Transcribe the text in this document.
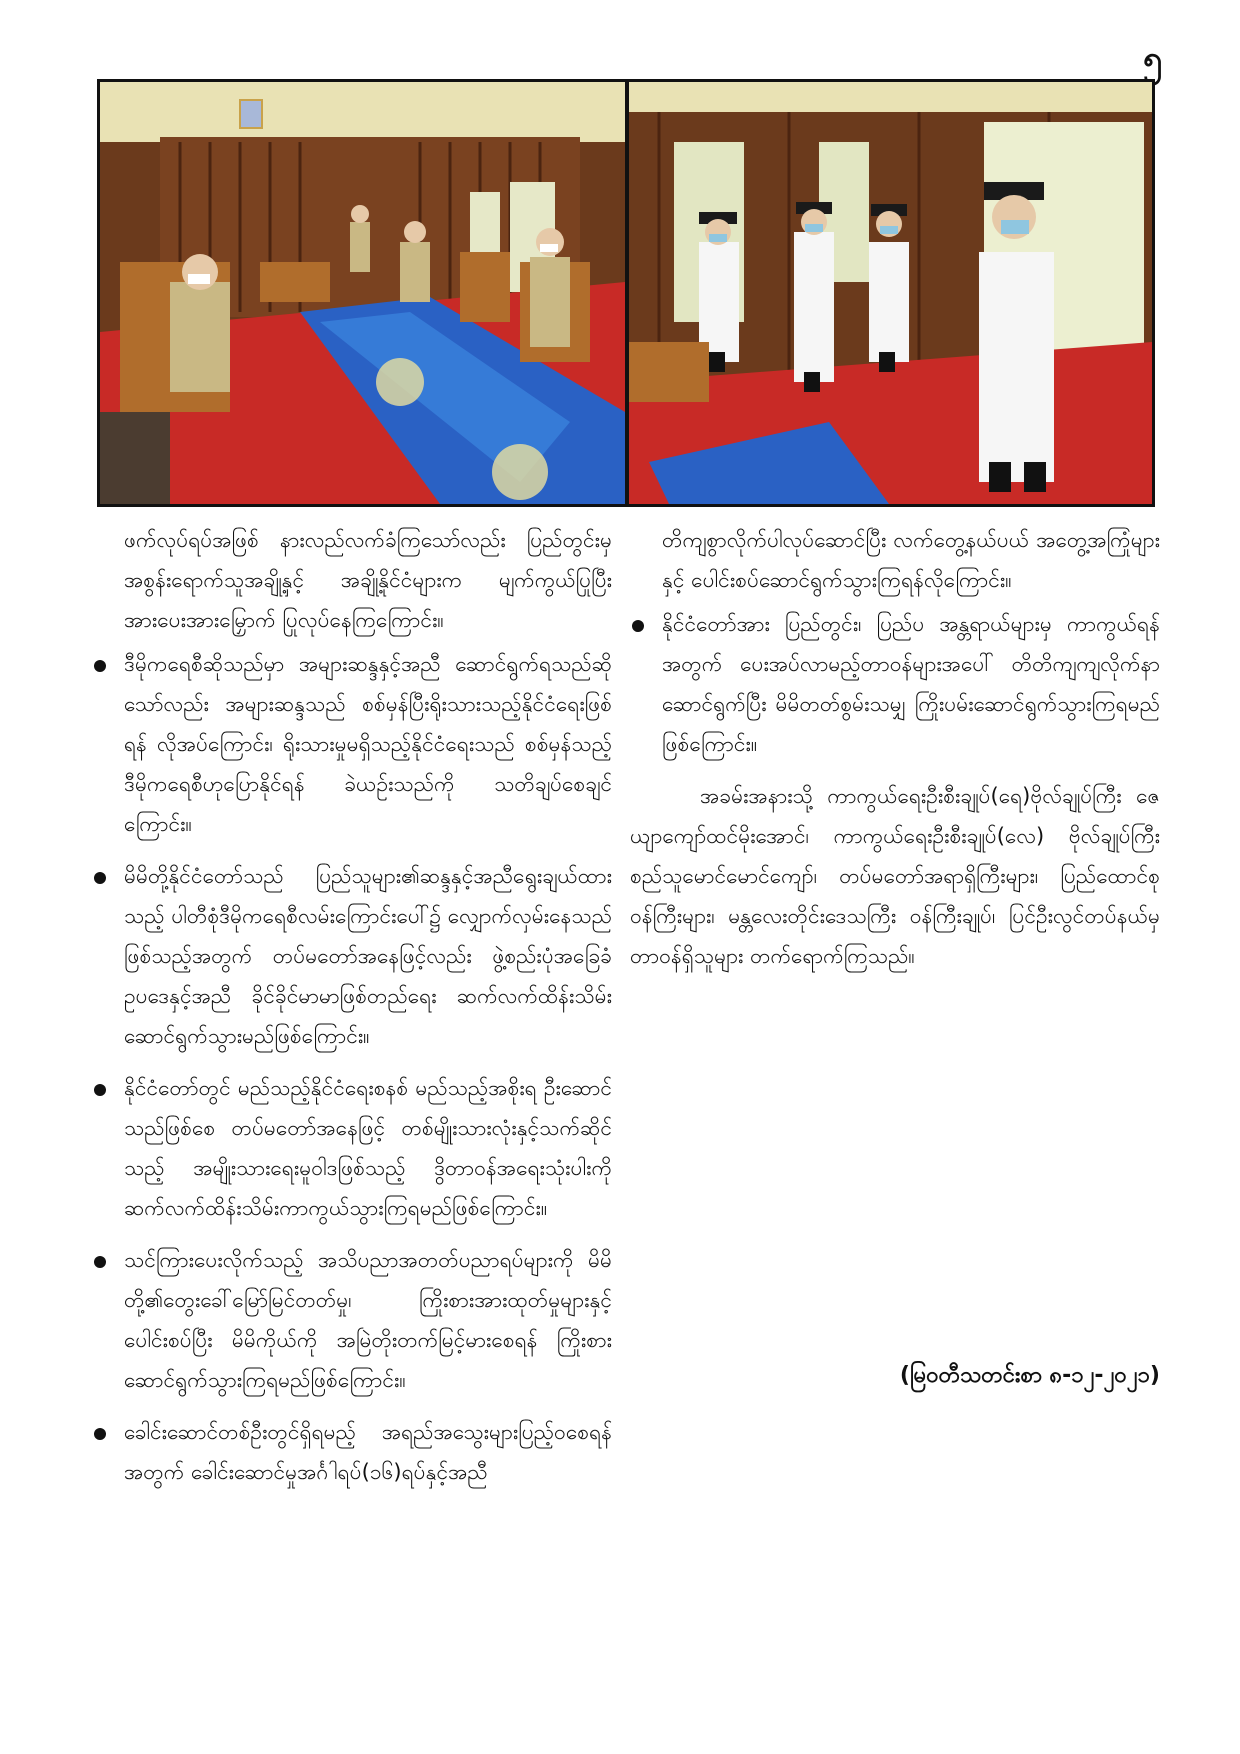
၅

ဖက်လုပ်ရပ်အဖြစ် နားလည်လက်ခံကြသော်လည်း ပြည်တွင်းမှအစွန်းရောက်သူအချို့နှင့် အချို့နိုင်ငံများက မျက်ကွယ်ပြုပြီး အားပေးအားမြှောက် ပြုလုပ်နေကြကြောင်း။

ဒီမိုကရေစီဆိုသည်မှာ အများဆန္ဒနှင့်အညီ ဆောင်ရွက်ရသည်ဆိုသော်လည်း အများဆန္ဒသည် စစ်မှန်ပြီးရိုးသားသည့်နိုင်ငံရေးဖြစ်ရန် လိုအပ်ကြောင်း၊ ရိုးသားမှုမရှိသည့်နိုင်ငံရေးသည် စစ်မှန်သည့်ဒီမိုကရေစီဟုပြောနိုင်ရန် ခဲယဉ်းသည်ကို သတိချပ်စေချင်ကြောင်း။
မိမိတို့နိုင်ငံတော်သည် ပြည်သူများ၏ဆန္ဒနှင့်အညီရွေးချယ်ထားသည့် ပါတီစုံဒီမိုကရေစီလမ်းကြောင်းပေါ်၌ လျှောက်လှမ်းနေသည်ဖြစ်သည့်အတွက် တပ်မတော်အနေဖြင့်လည်း ဖွဲ့စည်းပုံအခြေခံဥပဒေနှင့်အညီ ခိုင်ခိုင်မာမာဖြစ်တည်ရေး ဆက်လက်ထိန်းသိမ်းဆောင်ရွက်သွားမည်ဖြစ်ကြောင်း။
နိုင်ငံတော်တွင် မည်သည့်နိုင်ငံရေးစနစ် မည်သည့်အစိုးရ ဦးဆောင်သည်ဖြစ်စေ တပ်မတော်အနေဖြင့် တစ်မျိုးသားလုံးနှင့်သက်ဆိုင်သည့် အမျိုးသားရေးမူဝါဒဖြစ်သည့် ဒွိတာဝန်အရေးသုံးပါးကို ဆက်လက်ထိန်းသိမ်းကာကွယ်သွားကြရမည်ဖြစ်ကြောင်း။
သင်ကြားပေးလိုက်သည့် အသိပညာအတတ်ပညာရပ်များကို မိမိတို့၏တွေးခေါ်မြော်မြင်တတ်မှု၊ ကြိုးစားအားထုတ်မှုများနှင့်ပေါင်းစပ်ပြီး မိမိကိုယ်ကို အမြဲတိုးတက်မြင့်မားစေရန် ကြိုးစားဆောင်ရွက်သွားကြရမည်ဖြစ်ကြောင်း။
ခေါင်းဆောင်တစ်ဦးတွင်ရှိရမည့် အရည်အသွေးများပြည့်ဝစေရန်အတွက် ခေါင်းဆောင်မှုအင်္ဂါရပ်(၁၆)ရပ်နှင့်အညီ

တိကျစွာလိုက်ပါလုပ်ဆောင်ပြီး လက်တွေ့နယ်ပယ် အတွေ့အကြုံများနှင့် ပေါင်းစပ်ဆောင်ရွက်သွားကြရန်လိုကြောင်း။

နိုင်ငံတော်အား ပြည်တွင်း၊ ပြည်ပ အန္တရာယ်များမှ ကာကွယ်ရန်အတွက် ပေးအပ်လာမည့်တာဝန်များအပေါ် တိတိကျကျလိုက်နာဆောင်ရွက်ပြီး မိမိတတ်စွမ်းသမျှ ကြိုးပမ်းဆောင်ရွက်သွားကြရမည်ဖြစ်ကြောင်း။

အခမ်းအနားသို့ ကာကွယ်ရေးဦးစီးချုပ်(ရေ)ဗိုလ်ချုပ်ကြီး ဇေယျာကျော်ထင်မိုးအောင်၊ ကာကွယ်ရေးဦးစီးချုပ်(လေ) ဗိုလ်ချုပ်ကြီး စည်သူမောင်မောင်ကျော်၊ တပ်မတော်အရာရှိကြီးများ၊ ပြည်ထောင်စုဝန်ကြီးများ၊ မန္တလေးတိုင်းဒေသကြီး ဝန်ကြီးချုပ်၊ ပြင်ဦးလွင်တပ်နယ်မှ တာဝန်ရှိသူများ တက်ရောက်ကြသည်။

(မြဝတီသတင်းစာ ၈-၁၂-၂၀၂၁)
